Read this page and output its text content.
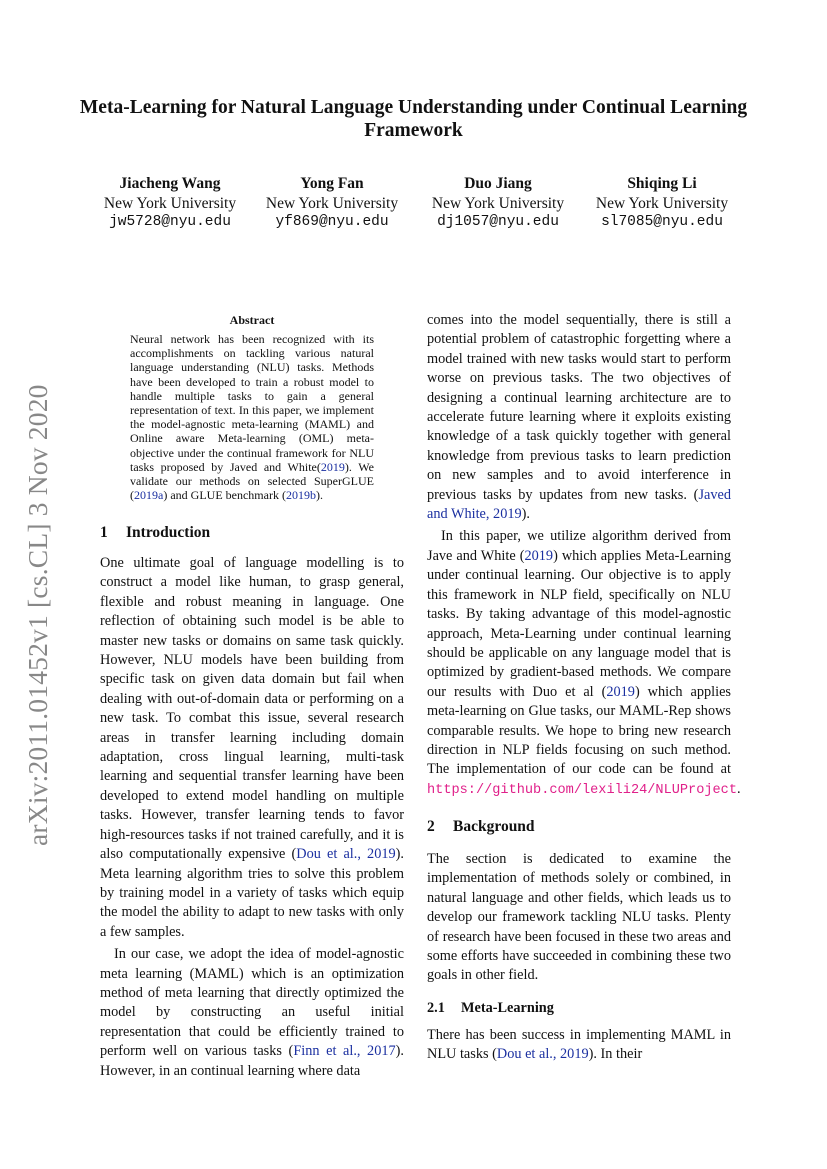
arXiv:2011.01452v1 [cs.CL] 3 Nov 2020
Meta-Learning for Natural Language Understanding under Continual Learning Framework
Jiacheng Wang
New York University
jw5728@nyu.edu
Yong Fan
New York University
yf869@nyu.edu
Duo Jiang
New York University
dj1057@nyu.edu
Shiqing Li
New York University
sl7085@nyu.edu
Abstract
Neural network has been recognized with its accomplishments on tackling various natural language understanding (NLU) tasks. Methods have been developed to train a robust model to handle multiple tasks to gain a general representation of text. In this paper, we implement the model-agnostic meta-learning (MAML) and Online aware Meta-learning (OML) meta-objective under the continual framework for NLU tasks proposed by Javed and White(2019). We validate our methods on selected SuperGLUE (2019a) and GLUE benchmark (2019b).
1 Introduction

One ultimate goal of language modelling is to construct a model like human, to grasp general, flexible and robust meaning in language. One reflection of obtaining such model is be able to master new tasks or domains on same task quickly. However, NLU models have been building from specific task on given data domain but fail when dealing with out-of-domain data or performing on a new task. To combat this issue, several research areas in transfer learning including domain adaptation, cross lingual learning, multi-task learning and sequential transfer learning have been developed to extend model handling on multiple tasks. However, transfer learning tends to favor high-resources tasks if not trained carefully, and it is also computationally expensive (Dou et al., 2019). Meta learning algorithm tries to solve this problem by training model in a variety of tasks which equip the model the ability to adapt to new tasks with only a few samples.

In our case, we adopt the idea of model-agnostic meta learning (MAML) which is an optimization method of meta learning that directly optimized the model by constructing an useful initial representation that could be efficiently trained to perform well on various tasks (Finn et al., 2017). However, in an continual learning where data

comes into the model sequentially, there is still a potential problem of catastrophic forgetting where a model trained with new tasks would start to perform worse on previous tasks. The two objectives of designing a continual learning architecture are to accelerate future learning where it exploits existing knowledge of a task quickly together with general knowledge from previous tasks to learn prediction on new samples and to avoid interference in previous tasks by updates from new tasks. (Javed and White, 2019).

In this paper, we utilize algorithm derived from Jave and White (2019) which applies Meta-Learning under continual learning. Our objective is to apply this framework in NLP field, specifically on NLU tasks. By taking advantage of this model-agnostic approach, Meta-Learning under continual learning should be applicable on any language model that is optimized by gradient-based methods. We compare our results with Duo et al (2019) which applies meta-learning on Glue tasks, our MAML-Rep shows comparable results. We hope to bring new research direction in NLP fields focusing on such method. The implementation of our code can be found at https://github.com/lexili24/NLUProject.

2 Background

The section is dedicated to examine the implementation of methods solely or combined, in natural language and other fields, which leads us to develop our framework tackling NLU tasks. Plenty of research have been focused in these two areas and some efforts have succeeded in combining these two goals in other field.

2.1 Meta-Learning

There has been success in implementing MAML in NLU tasks (Dou et al., 2019). In their
